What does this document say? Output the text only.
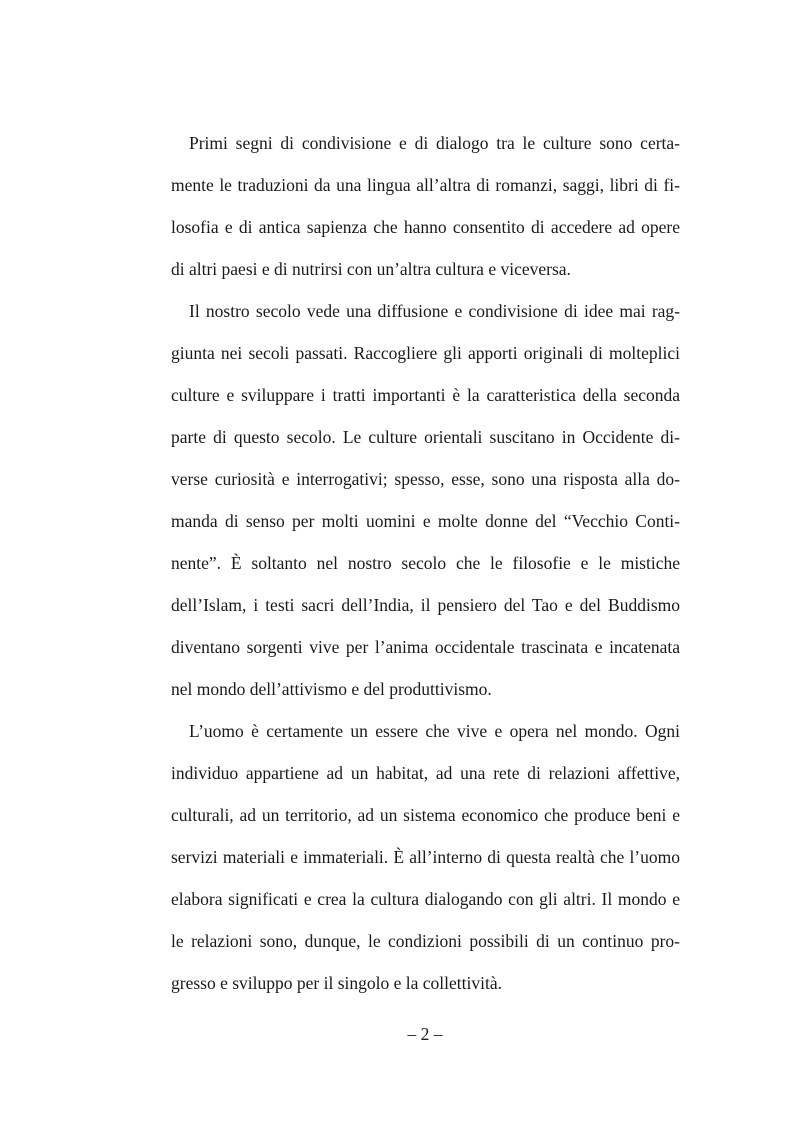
Primi segni di condivisione e di dialogo tra le culture sono certa-
mente le traduzioni da una lingua all’altra di romanzi, saggi, libri di fi-
losofia e di antica sapienza che hanno consentito di accedere ad opere
di altri paesi e di nutrirsi con un’altra cultura e viceversa.
Il nostro secolo vede una diffusione e condivisione di idee mai rag-
giunta nei secoli passati. Raccogliere gli apporti originali di molteplici
culture e sviluppare i tratti importanti è la caratteristica della seconda
parte di questo secolo. Le culture orientali suscitano in Occidente di-
verse curiosità e interrogativi; spesso, esse, sono una risposta alla do-
manda di senso per molti uomini e molte donne del “Vecchio Conti-
nente”. È soltanto nel nostro secolo che le filosofie e le mistiche
dell’Islam, i testi sacri dell’India, il pensiero del Tao e del Buddismo
diventano sorgenti vive per l’anima occidentale trascinata e incatenata
nel mondo dell’attivismo e del produttivismo.
L’uomo è certamente un essere che vive e opera nel mondo. Ogni
individuo appartiene ad un habitat, ad una rete di relazioni affettive,
culturali, ad un territorio, ad un sistema economico che produce beni e
servizi materiali e immateriali. È all’interno di questa realtà che l’uomo
elabora significati e crea la cultura dialogando con gli altri. Il mondo e
le relazioni sono, dunque, le condizioni possibili di un continuo pro-
gresso e sviluppo per il singolo e la collettività.
– 2 –
